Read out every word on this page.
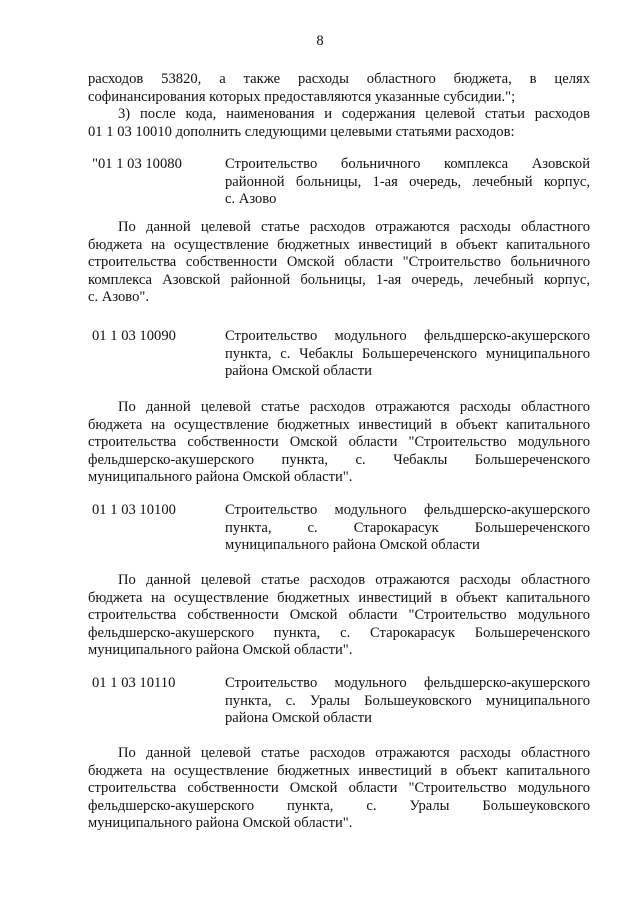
8
расходов 53820, а также расходы областного бюджета, в целях
софинансирования которых предоставляются указанные субсидии.";
3) после кода, наименования и содержания целевой статьи расходов
01 1 03 10010 дополнить следующими целевыми статьями расходов:
"01 1 03 10080	Строительство больничного комплекса Азовской
районной больницы, 1-ая очередь, лечебный корпус,
с. Азово
По данной целевой статье расходов отражаются расходы областного
бюджета на осуществление бюджетных инвестиций в объект капитального
строительства собственности Омской области "Строительство больничного
комплекса Азовской районной больницы, 1-ая очередь, лечебный корпус,
с. Азово".
01 1 03 10090	Строительство модульного фельдшерско-акушерского
пункта, с. Чебаклы Большереченского муниципального
района Омской области
По данной целевой статье расходов отражаются расходы областного
бюджета на осуществление бюджетных инвестиций в объект капитального
строительства собственности Омской области "Строительство модульного
фельдшерско-акушерского пункта, с. Чебаклы Большереченского
муниципального района Омской области".
01 1 03 10100	Строительство модульного фельдшерско-акушерского
пункта, с. Старокарасук Большереченского
муниципального района Омской области
По данной целевой статье расходов отражаются расходы областного
бюджета на осуществление бюджетных инвестиций в объект капитального
строительства собственности Омской области "Строительство модульного
фельдшерско-акушерского пункта, с. Старокарасук Большереченского
муниципального района Омской области".
01 1 03 10110	Строительство модульного фельдшерско-акушерского
пункта, с. Уралы Большеуковского муниципального
района Омской области
По данной целевой статье расходов отражаются расходы областного
бюджета на осуществление бюджетных инвестиций в объект капитального
строительства собственности Омской области "Строительство модульного
фельдшерско-акушерского пункта, с. Уралы Большеуковского
муниципального района Омской области".
